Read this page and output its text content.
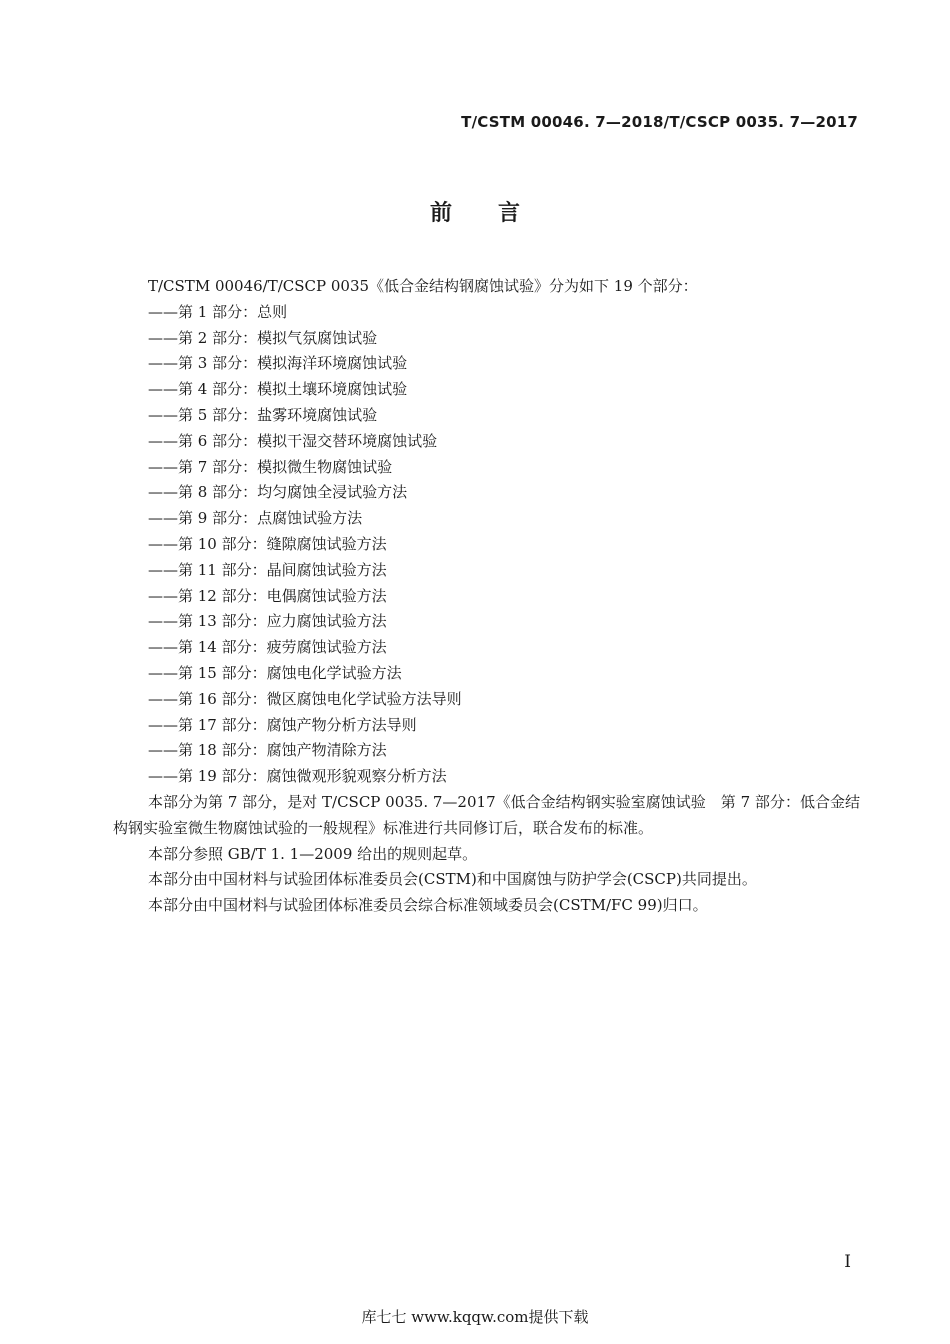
T/CSTM 00046. 7—2018/T/CSCP 0035. 7—2017
前言
T/CSTM 00046/T/CSCP 0035《低合金结构钢腐蚀试验》分为如下 19 个部分：
——第 1 部分：总则
——第 2 部分：模拟气氛腐蚀试验
——第 3 部分：模拟海洋环境腐蚀试验
——第 4 部分：模拟土壤环境腐蚀试验
——第 5 部分：盐雾环境腐蚀试验
——第 6 部分：模拟干湿交替环境腐蚀试验
——第 7 部分：模拟微生物腐蚀试验
——第 8 部分：均匀腐蚀全浸试验方法
——第 9 部分：点腐蚀试验方法
——第 10 部分：缝隙腐蚀试验方法
——第 11 部分：晶间腐蚀试验方法
——第 12 部分：电偶腐蚀试验方法
——第 13 部分：应力腐蚀试验方法
——第 14 部分：疲劳腐蚀试验方法
——第 15 部分：腐蚀电化学试验方法
——第 16 部分：微区腐蚀电化学试验方法导则
——第 17 部分：腐蚀产物分析方法导则
——第 18 部分：腐蚀产物清除方法
——第 19 部分：腐蚀微观形貌观察分析方法
本部分为第 7 部分，是对 T/CSCP 0035. 7—2017《低合金结构钢实验室腐蚀试验　第 7 部分：低合金结构钢实验室微生物腐蚀试验的一般规程》标准进行共同修订后，联合发布的标准。
本部分参照 GB/T 1. 1—2009 给出的规则起草。
本部分由中国材料与试验团体标准委员会(CSTM)和中国腐蚀与防护学会(CSCP)共同提出。
本部分由中国材料与试验团体标准委员会综合标准领域委员会(CSTM/FC 99)归口。
I
库七七 www.kqqw.com提供下载
